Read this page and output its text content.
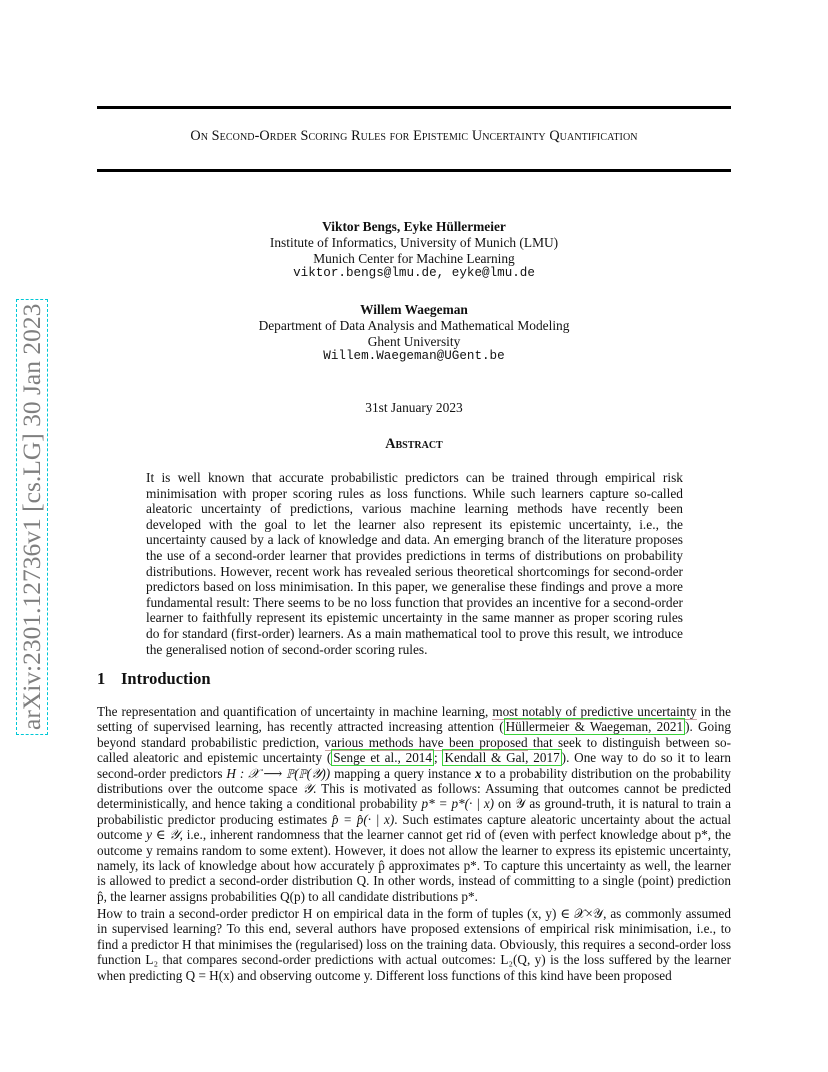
On Second-Order Scoring Rules for Epistemic Uncertainty Quantification
arXiv:2301.12736v1 [cs.LG] 30 Jan 2023
Viktor Bengs, Eyke Hüllermeier
Institute of Informatics, University of Munich (LMU)
Munich Center for Machine Learning
viktor.bengs@lmu.de, eyke@lmu.de
Willem Waegeman
Department of Data Analysis and Mathematical Modeling
Ghent University
Willem.Waegeman@UGent.be
31st January 2023
Abstract
It is well known that accurate probabilistic predictors can be trained through empirical risk minimisation with proper scoring rules as loss functions. While such learners capture so-called aleatoric uncertainty of predictions, various machine learning methods have recently been developed with the goal to let the learner also represent its epistemic uncertainty, i.e., the uncertainty caused by a lack of knowledge and data. An emerging branch of the literature proposes the use of a second-order learner that provides predictions in terms of distributions on probability distributions. However, recent work has revealed serious theoretical shortcomings for second-order predictors based on loss minimisation. In this paper, we generalise these findings and prove a more fundamental result: There seems to be no loss function that provides an incentive for a second-order learner to faithfully represent its epistemic uncertainty in the same manner as proper scoring rules do for standard (first-order) learners. As a main mathematical tool to prove this result, we introduce the generalised notion of second-order scoring rules.
1 Introduction
The representation and quantification of uncertainty in machine learning, most notably of predictive uncertainty in the setting of supervised learning, has recently attracted increasing attention ( Hüllermeier & Waegeman, 2021 ). Going beyond standard probabilistic prediction, various methods have been proposed that seek to distinguish between so-called aleatoric and epistemic uncertainty ( Senge et al., 2014 ; Kendall & Gal, 2017 ). One way to do so it to learn second-order predictors H : 𝒳 ⟶ ℙ(ℙ(𝒴)) mapping a query instance x to a probability distribution on the probability distributions over the outcome space 𝒴. This is motivated as follows: Assuming that outcomes cannot be predicted deterministically, and hence taking a conditional probability p* = p*(· | x) on 𝒴 as ground-truth, it is natural to train a probabilistic predictor producing estimates p̂ = p̂(· | x). Such estimates capture aleatoric uncertainty about the actual outcome y ∈ 𝒴, i.e., inherent randomness that the learner cannot get rid of (even with perfect knowledge about p*, the outcome y remains random to some extent). However, it does not allow the learner to express its epistemic uncertainty, namely, its lack of knowledge about how accurately p̂ approximates p*. To capture this uncertainty as well, the learner is allowed to predict a second-order distribution Q. In other words, instead of committing to a single (point) prediction p̂, the learner assigns probabilities Q(p) to all candidate distributions p*.
How to train a second-order predictor H on empirical data in the form of tuples (x, y) ∈ 𝒳×𝒴, as commonly assumed in supervised learning? To this end, several authors have proposed extensions of empirical risk minimisation, i.e., to find a predictor H that minimises the (regularised) loss on the training data. Obviously, this requires a second-order loss function L₂ that compares second-order predictions with actual outcomes: L₂(Q, y) is the loss suffered by the learner when predicting Q = H(x) and observing outcome y. Different loss functions of this kind have been proposed
